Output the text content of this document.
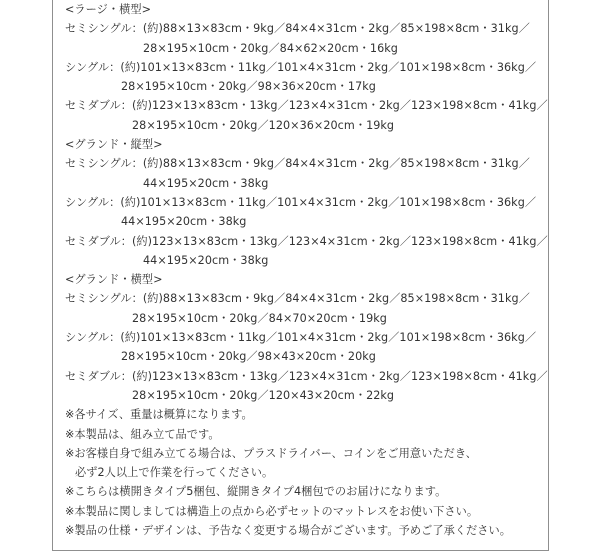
<ラージ・横型>
セミシングル：(約)88×13×83cm・9kg／84×4×31cm・2kg／85×198×8cm・31kg／
28×195×10cm・20kg／84×62×20cm・16kg
シングル：(約)101×13×83cm・11kg／101×4×31cm・2kg／101×198×8cm・36kg／
28×195×10cm・20kg／98×36×20cm・17kg
セミダブル：(約)123×13×83cm・13kg／123×4×31cm・2kg／123×198×8cm・41kg／
28×195×10cm・20kg／120×36×20cm・19kg
<グランド・縦型>
セミシングル：(約)88×13×83cm・9kg／84×4×31cm・2kg／85×198×8cm・31kg／
44×195×20cm・38kg
シングル：(約)101×13×83cm・11kg／101×4×31cm・2kg／101×198×8cm・36kg／
44×195×20cm・38kg
セミダブル：(約)123×13×83cm・13kg／123×4×31cm・2kg／123×198×8cm・41kg／
44×195×20cm・38kg
<グランド・横型>
セミシングル：(約)88×13×83cm・9kg／84×4×31cm・2kg／85×198×8cm・31kg／
28×195×10cm・20kg／84×70×20cm・19kg
シングル：(約)101×13×83cm・11kg／101×4×31cm・2kg／101×198×8cm・36kg／
28×195×10cm・20kg／98×43×20cm・20kg
セミダブル：(約)123×13×83cm・13kg／123×4×31cm・2kg／123×198×8cm・41kg／
28×195×10cm・20kg／120×43×20cm・22kg
※各サイズ、重量は概算になります。
※本製品は、組み立て品です。
※お客様自身で組み立てる場合は、プラスドライバー、コインをご用意いただき、
必ず2人以上で作業を行ってください。
※こちらは横開きタイプ5梱包、縦開きタイプ4梱包でのお届けになります。
※本製品に関しましては構造上の点から必ずセットのマットレスをお使い下さい。
※製品の仕様・デザインは、予告なく変更する場合がございます。予めご了承ください。
